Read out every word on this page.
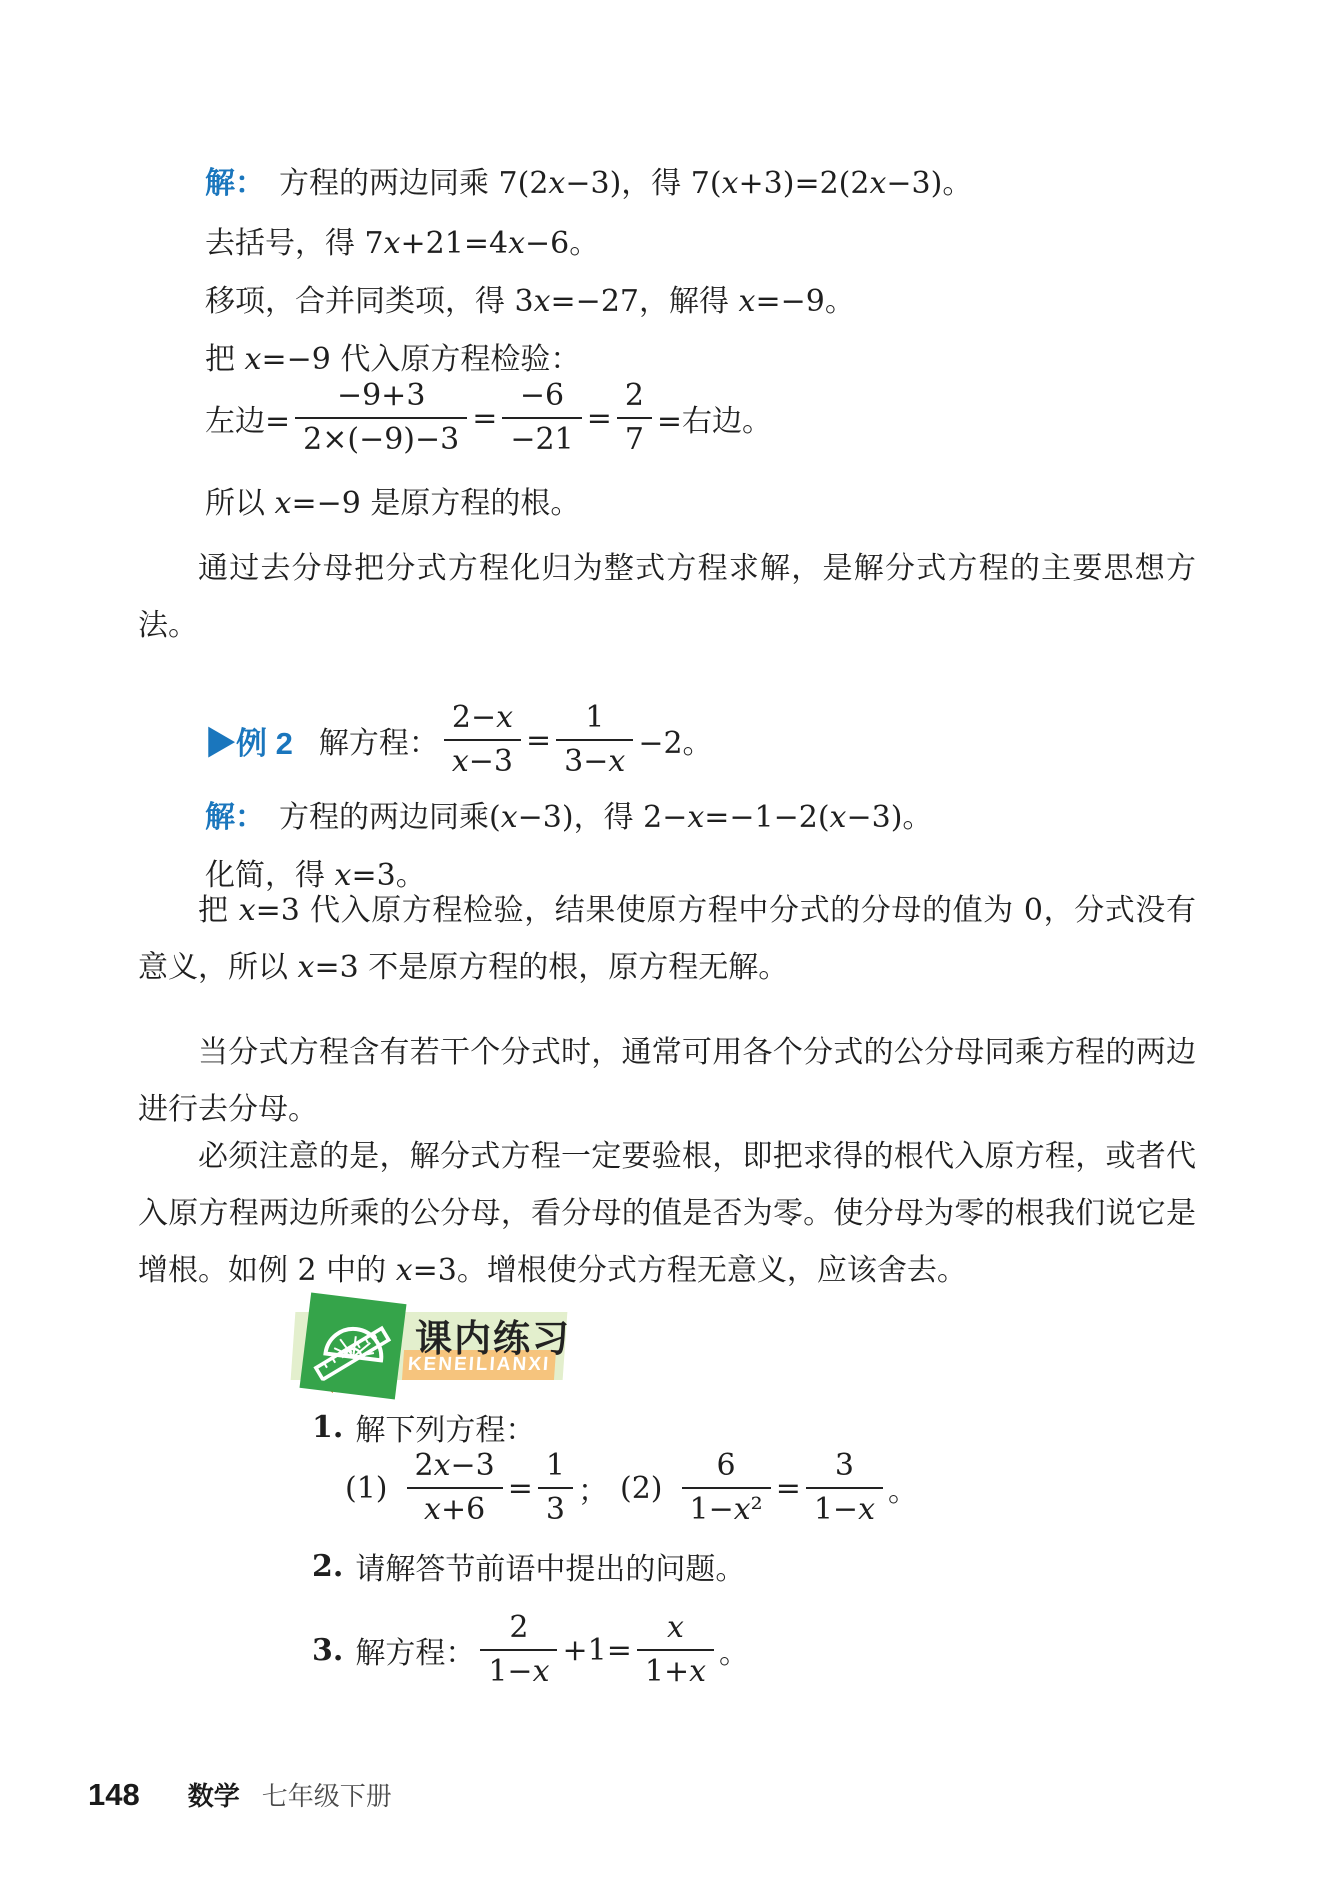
解： 方程的两边同乘 7(2x−3)，得 7(x+3)=2(2x−3)。
去括号，得 7x+21=4x−6。
移项，合并同类项，得 3x=−27，解得 x=−9。
把 x=−9 代入原方程检验：
左边= $\frac{-9+3}{2\times(-9)-3} = \frac{-6}{-21} = \frac{2}{7}$ =右边。
所以 x=−9 是原方程的根。
通过去分母把分式方程化归为整式方程求解，是解分式方程的主要思想方法。
▶例 2 解方程： $\frac{2-x}{x-3} = \frac{1}{3-x} -2$。
解： 方程的两边同乘(x−3)，得 2−x=−1−2(x−3)。
化简，得 x=3。
把 x=3 代入原方程检验，结果使原方程中分式的分母的值为 0，分式没有意义，所以 x=3 不是原方程的根，原方程无解。
当分式方程含有若干个分式时，通常可用各个分式的公分母同乘方程的两边进行去分母。
必须注意的是，解分式方程一定要验根，即把求得的根代入原方程，或者代入原方程两边所乘的公分母，看分母的值是否为零。使分母为零的根我们说它是增根。如例 2 中的 x=3。增根使分式方程无意义，应该舍去。
KENEILIANXI
课内练习
1. 解下列方程：
$(1) \frac{2x-3}{x+6} = \frac{1}{3}$ ； $(2) \frac{6}{\text{1−x²}} = \frac{3}{1-x}$ 。
2. 请解答节前语中提出的问题。
3. 解方程： $\frac{2}{1-x} +1= \frac{x}{1+x}$ 。
148 数学 七年级下册
